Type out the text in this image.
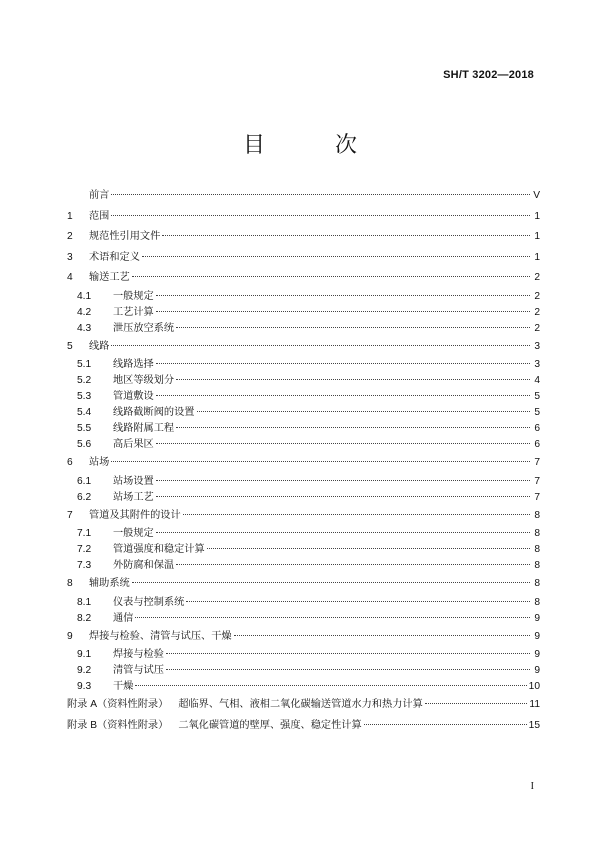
SH/T 3202—2018
目　次
前言	V
1	范围	1
2	规范性引用文件	1
3	术语和定义	1
4	输送工艺	2
4.1	一般规定	2
4.2	工艺计算	2
4.3	泄压放空系统	2
5	线路	3
5.1	线路选择	3
5.2	地区等级划分	4
5.3	管道敷设	5
5.4	线路截断阀的设置	5
5.5	线路附属工程	6
5.6	高后果区	6
6	站场	7
6.1	站场设置	7
6.2	站场工艺	7
7	管道及其附件的设计	8
7.1	一般规定	8
7.2	管道强度和稳定计算	8
7.3	外防腐和保温	8
8	辅助系统	8
8.1	仪表与控制系统	8
8.2	通信	9
9	焊接与检验、清管与试压、干燥	9
9.1	焊接与检验	9
9.2	清管与试压	9
9.3	干燥	10
附录 A（资料性附录） 超临界、气相、液相二氧化碳输送管道水力和热力计算	11
附录 B（资料性附录） 二氧化碳管道的壁厚、强度、稳定性计算	15
I
